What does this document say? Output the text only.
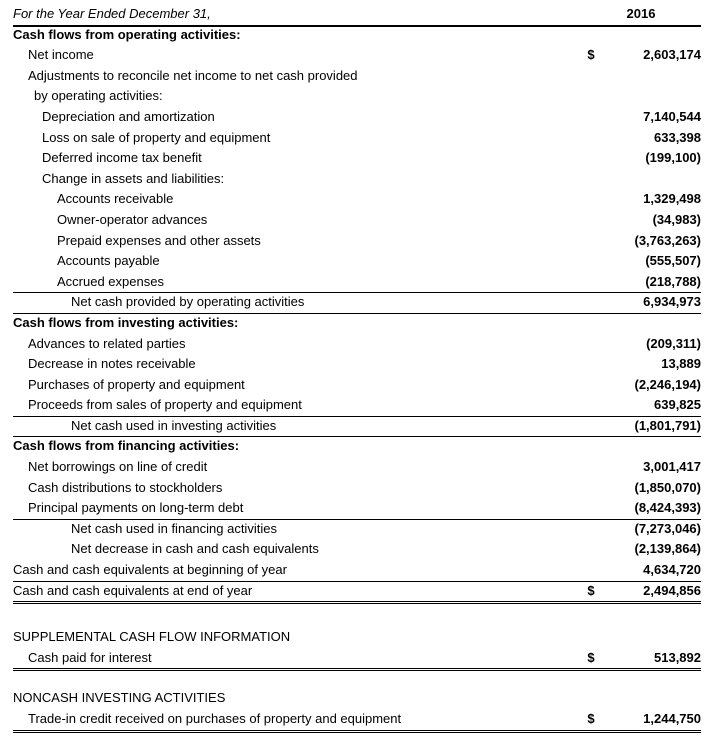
For the Year Ended December 31,	2016
Cash flows from operating activities:
Net income	$	2,603,174
Adjustments to reconcile net income to net cash provided
by operating activities:
Depreciation and amortization	7,140,544
Loss on sale of property and equipment	633,398
Deferred income tax benefit	(199,100)
Change in assets and liabilities:
Accounts receivable	1,329,498
Owner-operator advances	(34,983)
Prepaid expenses and other assets	(3,763,263)
Accounts payable	(555,507)
Accrued expenses	(218,788)
Net cash provided by operating activities	6,934,973
Cash flows from investing activities:
Advances to related parties	(209,311)
Decrease in notes receivable	13,889
Purchases of property and equipment	(2,246,194)
Proceeds from sales of property and equipment	639,825
Net cash used in investing activities	(1,801,791)
Cash flows from financing activities:
Net borrowings on line of credit	3,001,417
Cash distributions to stockholders	(1,850,070)
Principal payments on long-term debt	(8,424,393)
Net cash used in financing activities	(7,273,046)
Net decrease in cash and cash equivalents	(2,139,864)
Cash and cash equivalents at beginning of year	4,634,720
Cash and cash equivalents at end of year	$	2,494,856
SUPPLEMENTAL CASH FLOW INFORMATION
Cash paid for interest	$	513,892
NONCASH INVESTING ACTIVITIES
Trade-in credit received on purchases of property and equipment	$	1,244,750
